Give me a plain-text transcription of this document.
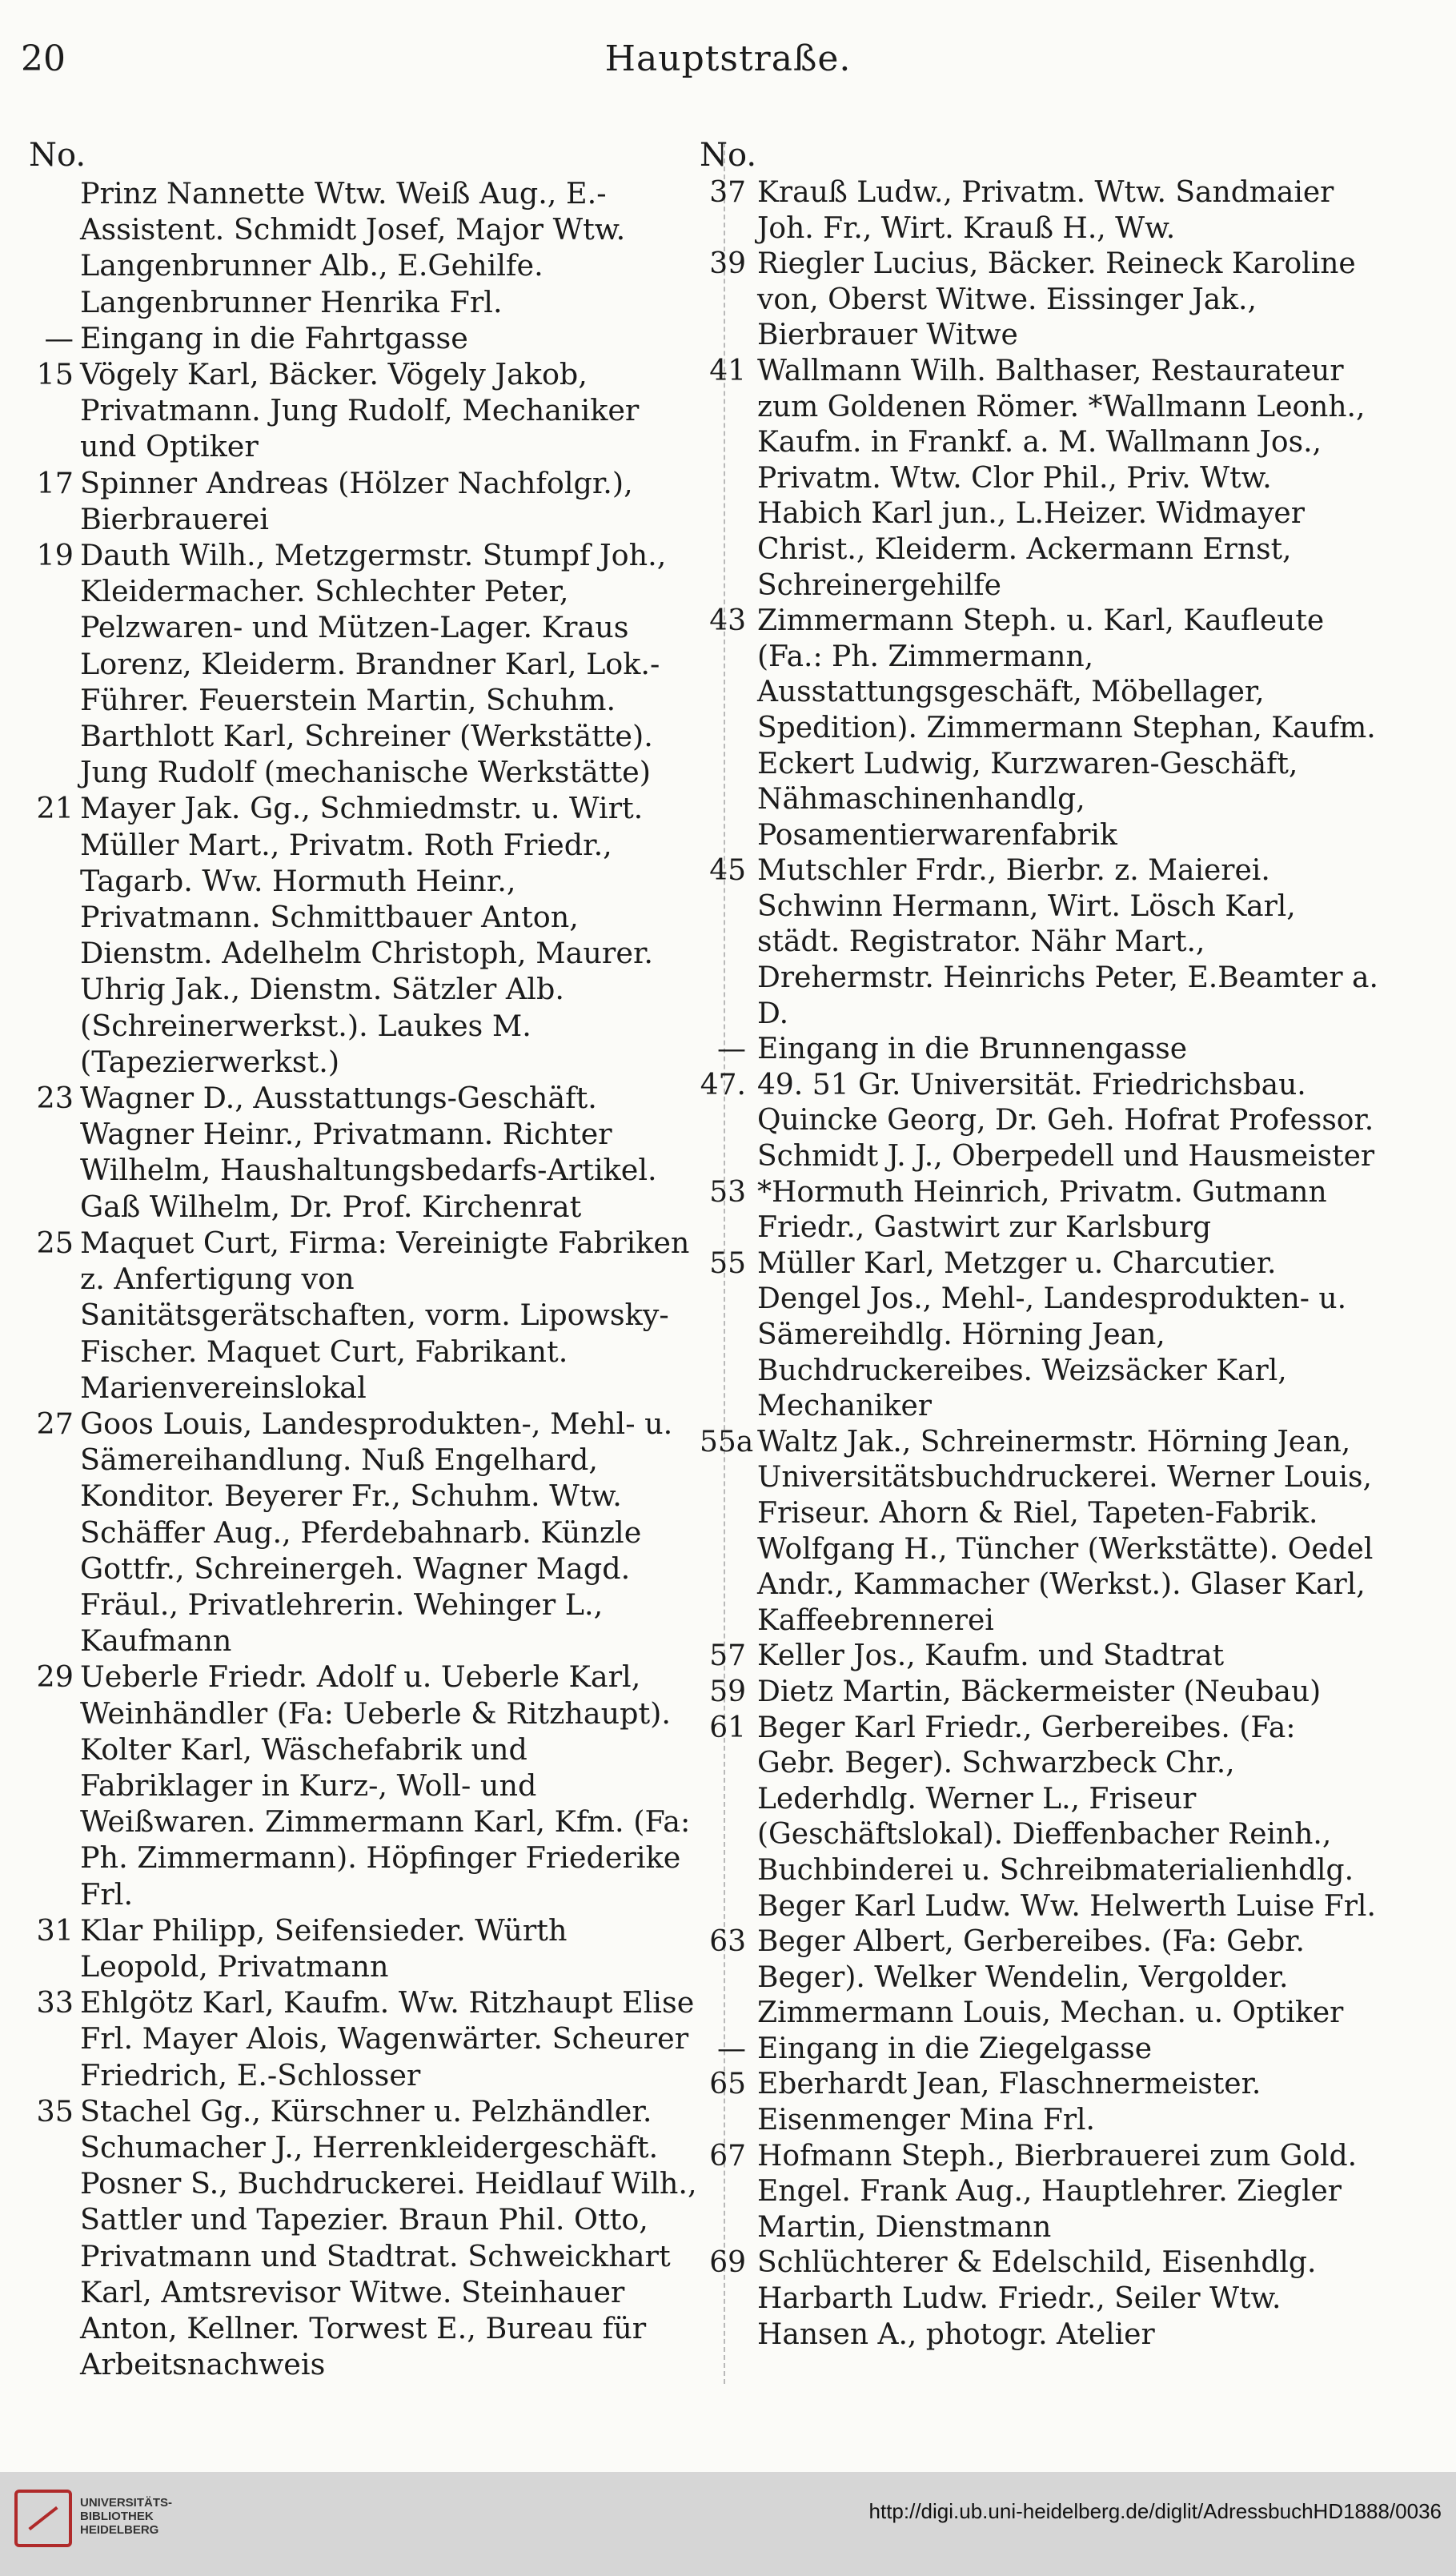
20	Hauptstraße.
No.
Prinz Nannette Wtw. Weiß Aug., E.-Assistent. Schmidt Josef, Major Wtw. Langenbrunner Alb., E.Gehilfe. Langenbrunner Henrika Frl.
— Eingang in die Fahrtgasse
15 Vögely Karl, Bäcker. Vögely Jakob, Privatmann. Jung Rudolf, Mechaniker und Optiker
17 Spinner Andreas (Hölzer Nachfolgr.), Bierbrauerei
19 Dauth Wilh., Metzgermstr. Stumpf Joh., Kleidermacher. Schlechter Peter, Pelzwaren- und Mützen-Lager. Kraus Lorenz, Kleiderm. Brandner Karl, Lok.-Führer. Feuerstein Martin, Schuhm. Barthlott Karl, Schreiner (Werkstätte). Jung Rudolf (mechanische Werkstätte)
21 Mayer Jak. Gg., Schmiedmstr. u. Wirt. Müller Mart., Privatm. Roth Friedr., Tagarb. Ww. Hormuth Heinr., Privatmann. Schmittbauer Anton, Dienstm. Adelhelm Christoph, Maurer. Uhrig Jak., Dienstm. Sätzler Alb. (Schreinerwerkst.). Laukes M. (Tapezierwerkst.)
23 Wagner D., Ausstattungs-Geschäft. Wagner Heinr., Privatmann. Richter Wilhelm, Haushaltungsbedarfs-Artikel. Gaß Wilhelm, Dr. Prof. Kirchenrat
25 Maquet Curt, Firma: Vereinigte Fabriken z. Anfertigung von Sanitätsgerätschaften, vorm. Lipowsky-Fischer. Maquet Curt, Fabrikant. Marienvereinslokal
27 Goos Louis, Landesprodukten-, Mehl- u. Sämereihandlung. Nuß Engelhard, Konditor. Beyerer Fr., Schuhm. Wtw. Schäffer Aug., Pferdebahnarb. Künzle Gottfr., Schreinergeh. Wagner Magd. Fräul., Privatlehrerin. Wehinger L., Kaufmann
29 Ueberle Friedr. Adolf u. Ueberle Karl, Weinhändler (Fa: Ueberle & Ritzhaupt). Kolter Karl, Wäschefabrik und Fabriklager in Kurz-, Woll- und Weißwaren. Zimmermann Karl, Kfm. (Fa: Ph. Zimmermann). Höpfinger Friederike Frl.
31 Klar Philipp, Seifensieder. Würth Leopold, Privatmann
33 Ehlgötz Karl, Kaufm. Ww. Ritzhaupt Elise Frl. Mayer Alois, Wagenwärter. Scheurer Friedrich, E.-Schlosser
35 Stachel Gg., Kürschner u. Pelzhändler. Schumacher J., Herrenkleidergeschäft. Posner S., Buchdruckerei. Heidlauf Wilh., Sattler und Tapezier. Braun Phil. Otto, Privatmann und Stadtrat. Schweickhart Karl, Amtsrevisor Witwe. Steinhauer Anton, Kellner. Torwest E., Bureau für Arbeitsnachweis
No.
37 Krauß Ludw., Privatm. Wtw. Sandmaier Joh. Fr., Wirt. Krauß H., Ww.
39 Riegler Lucius, Bäcker. Reineck Karoline von, Oberst Witwe. Eissinger Jak., Bierbrauer Witwe
41 Wallmann Wilh. Balthaser, Restaurateur zum Goldenen Römer. *Wallmann Leonh., Kaufm. in Frankf. a. M. Wallmann Jos., Privatm. Wtw. Clor Phil., Priv. Wtw. Habich Karl jun., L.Heizer. Widmayer Christ., Kleiderm. Ackermann Ernst, Schreinergehilfe
43 Zimmermann Steph. u. Karl, Kaufleute (Fa.: Ph. Zimmermann, Ausstattungsgeschäft, Möbellager, Spedition). Zimmermann Stephan, Kaufm. Eckert Ludwig, Kurzwaren-Geschäft, Nähmaschinenhandlg, Posamentierwarenfabrik
45 Mutschler Frdr., Bierbr. z. Maierei. Schwinn Hermann, Wirt. Lösch Karl, städt. Registrator. Nähr Mart., Drehermstr. Heinrichs Peter, E.Beamter a. D.
— Eingang in die Brunnengasse
47. 49. 51 Gr. Universität. Friedrichsbau. Quincke Georg, Dr. Geh. Hofrat Professor. Schmidt J. J., Oberpedell und Hausmeister
53 *Hormuth Heinrich, Privatm. Gutmann Friedr., Gastwirt zur Karlsburg
55 Müller Karl, Metzger u. Charcutier. Dengel Jos., Mehl-, Landesprodukten- u. Sämereihdlg. Hörning Jean, Buchdruckereibes. Weizsäcker Karl, Mechaniker
55a Waltz Jak., Schreinermstr. Hörning Jean, Universitätsbuchdruckerei. Werner Louis, Friseur. Ahorn & Riel, Tapeten-Fabrik. Wolfgang H., Tüncher (Werkstätte). Oedel Andr., Kammacher (Werkst.). Glaser Karl, Kaffeebrennerei
57 Keller Jos., Kaufm. und Stadtrat
59 Dietz Martin, Bäckermeister (Neubau)
61 Beger Karl Friedr., Gerbereibes. (Fa: Gebr. Beger). Schwarzbeck Chr., Lederhdlg. Werner L., Friseur (Geschäftslokal). Dieffenbacher Reinh., Buchbinderei u. Schreibmaterialienhdlg. Beger Karl Ludw. Ww. Helwerth Luise Frl.
63 Beger Albert, Gerbereibes. (Fa: Gebr. Beger). Welker Wendelin, Vergolder. Zimmermann Louis, Mechan. u. Optiker
— Eingang in die Ziegelgasse
65 Eberhardt Jean, Flaschnermeister. Eisenmenger Mina Frl.
67 Hofmann Steph., Bierbrauerei zum Gold. Engel. Frank Aug., Hauptlehrer. Ziegler Martin, Dienstmann
69 Schlüchterer & Edelschild, Eisenhdlg. Harbarth Ludw. Friedr., Seiler Wtw. Hansen A., photogr. Atelier
UNIVERSITÄTS-
BIBLIOTHEK
HEIDELBERG
http://digi.ub.uni-heidelberg.de/diglit/AdressbuchHD1888/0036
